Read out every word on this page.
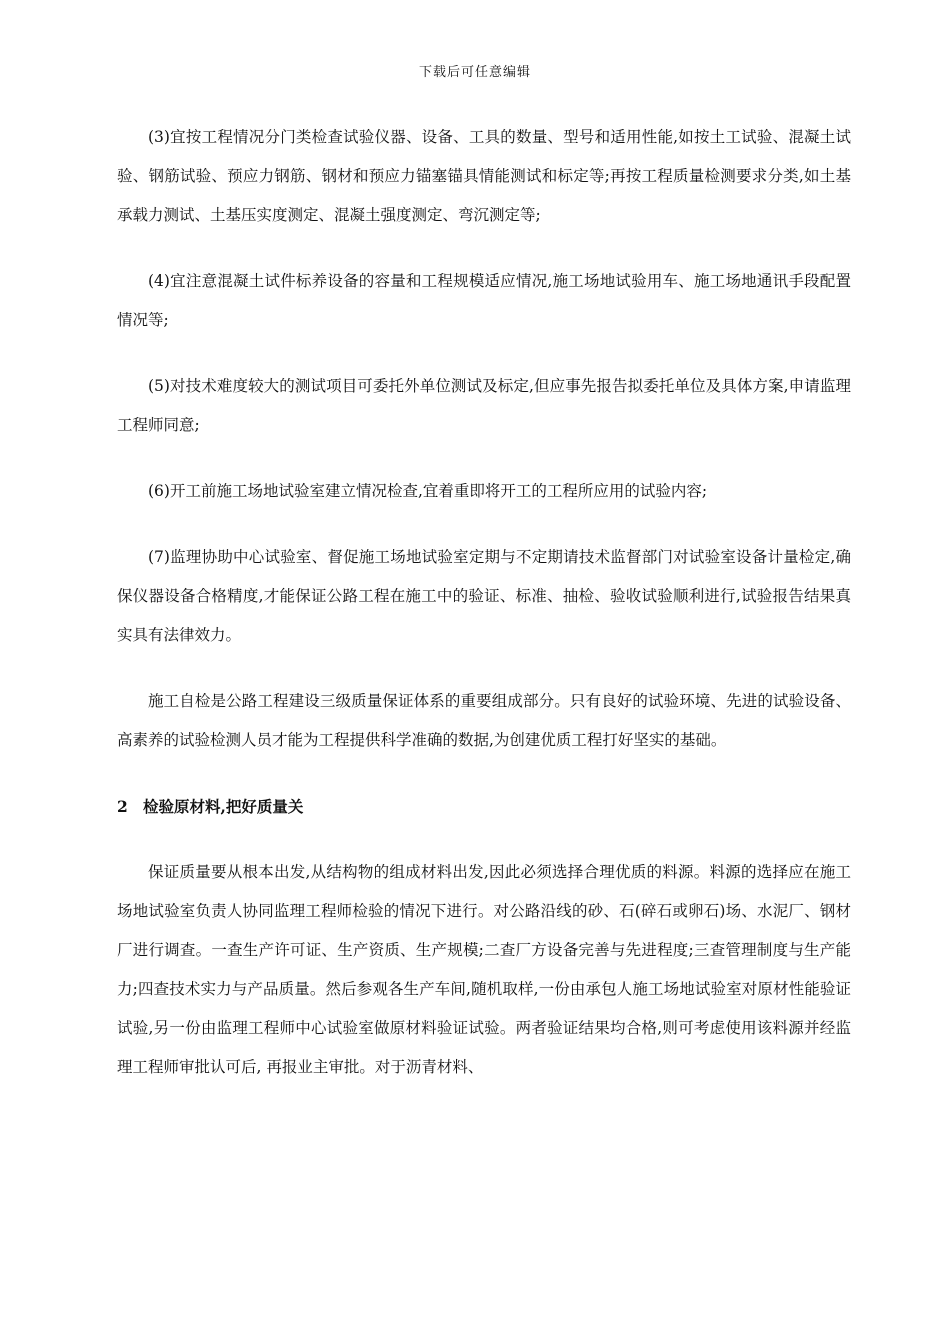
下载后可任意编辑

(3)宜按工程情况分门类检查试验仪器、设备、工具的数量、型号和适用性能,如按土工试验、混凝土试验、钢筋试验、预应力钢筋、钢材和预应力锚塞锚具情能测试和标定等;再按工程质量检测要求分类,如土基承载力测试、土基压实度测定、混凝土强度测定、弯沉测定等;

(4)宜注意混凝土试件标养设备的容量和工程规模适应情况,施工场地试验用车、施工场地通讯手段配置情况等;

(5)对技术难度较大的测试项目可委托外单位测试及标定,但应事先报告拟委托单位及具体方案,申请监理工程师同意;

(6)开工前施工场地试验室建立情况检查,宜着重即将开工的工程所应用的试验内容;

(7)监理协助中心试验室、督促施工场地试验室定期与不定期请技术监督部门对试验室设备计量检定,确保仪器设备合格精度,才能保证公路工程在施工中的验证、标准、抽检、验收试验顺利进行,试验报告结果真实具有法律效力。

施工自检是公路工程建设三级质量保证体系的重要组成部分。只有良好的试验环境、先进的试验设备、高素养的试验检测人员才能为工程提供科学准确的数据,为创建优质工程打好坚实的基础。

2 检验原材料,把好质量关

保证质量要从根本出发,从结构物的组成材料出发,因此必须选择合理优质的料源。料源的选择应在施工场地试验室负责人协同监理工程师检验的情况下进行。对公路沿线的砂、石(碎石或卵石)场、水泥厂、钢材厂进行调查。一查生产许可证、生产资质、生产规模;二查厂方设备完善与先进程度;三查管理制度与生产能力;四查技术实力与产品质量。然后参观各生产车间,随机取样,一份由承包人施工场地试验室对原材性能验证试验,另一份由监理工程师中心试验室做原材料验证试验。两者验证结果均合格,则可考虑使用该料源并经监理工程师审批认可后, 再报业主审批。对于沥青材料、
